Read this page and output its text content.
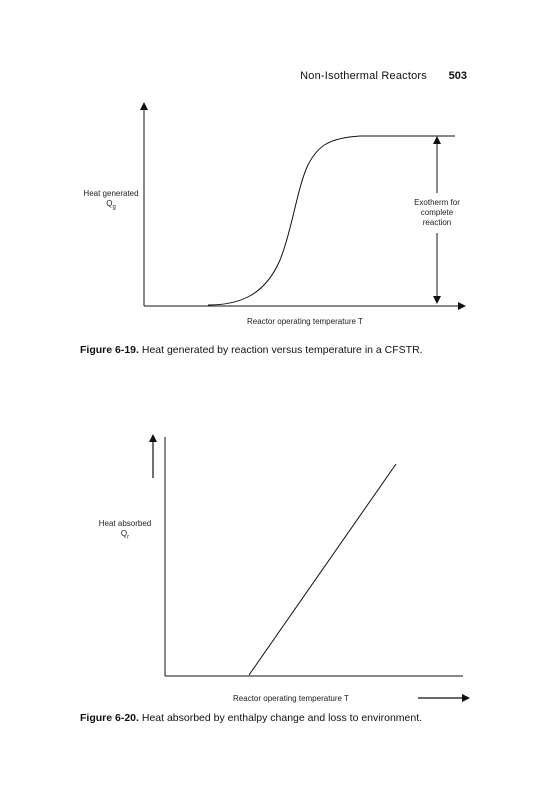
Non-Isothermal Reactors 503
Heat generated
$Q_g$
Exotherm for
complete
reaction
Reactor operating temperature T
Figure 6-19. Heat generated by reaction versus temperature in a CFSTR.
Heat absorbed
$Q_r$
Reactor operating temperature T
Figure 6-20. Heat absorbed by enthalpy change and loss to environment.
